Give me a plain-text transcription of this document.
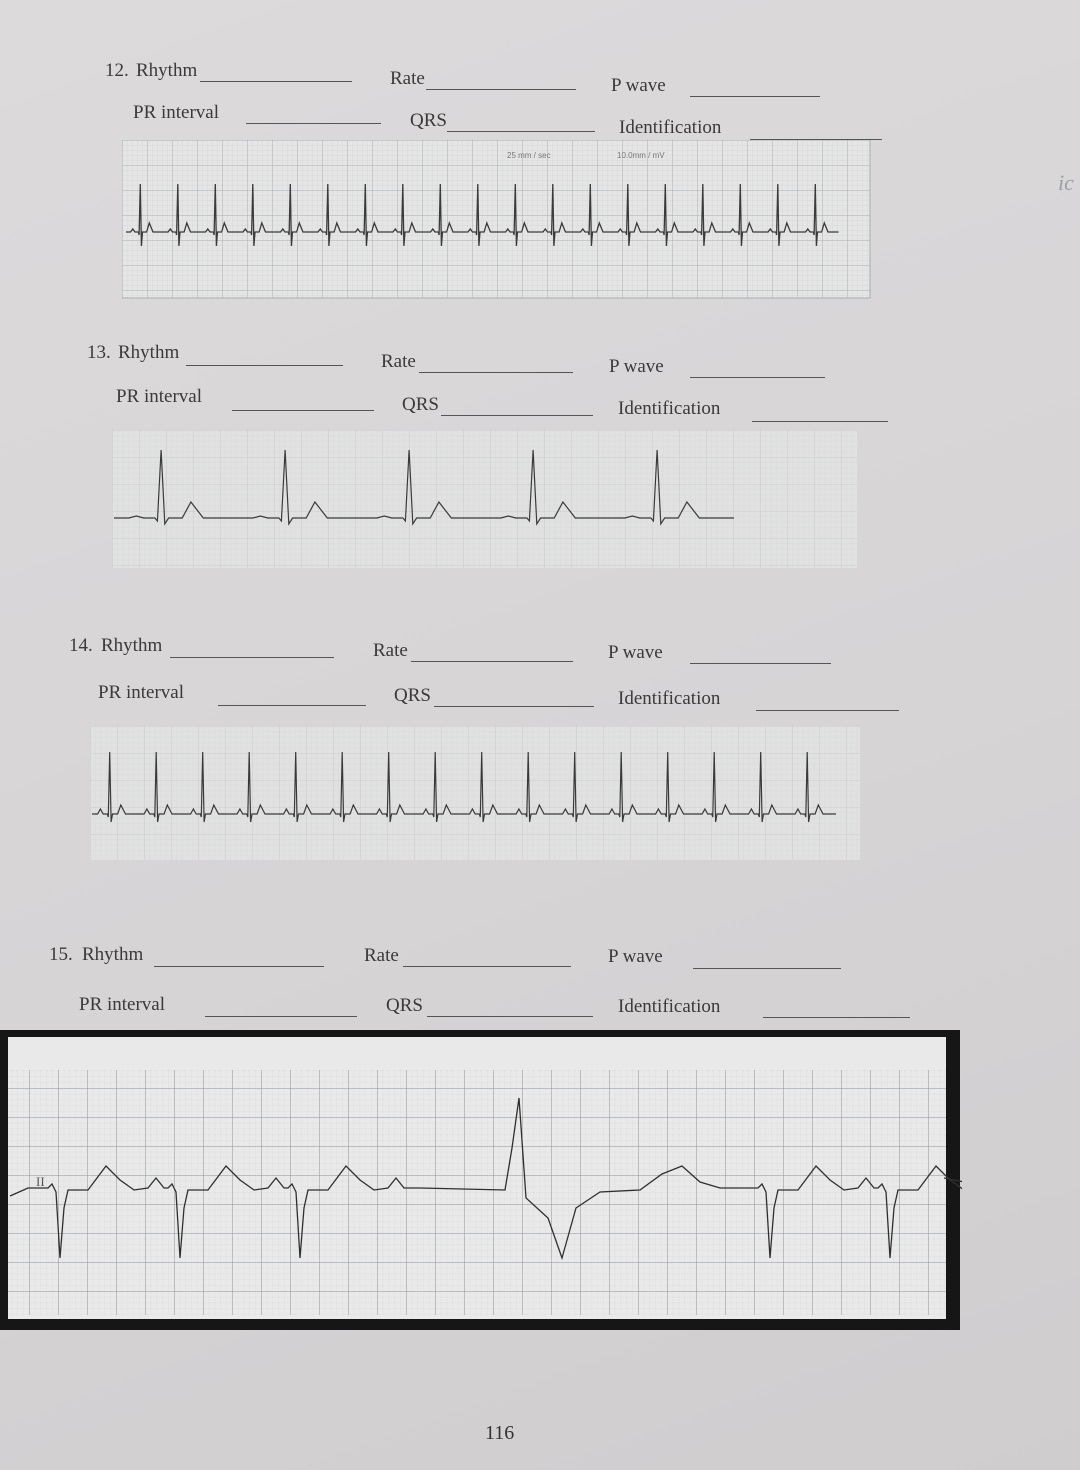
12. Rhythm	Rate	P wave
PR interval	QRS	Identification
25 mm / sec	10.0mm / mV
13. Rhythm	Rate	P wave
PR interval	QRS	Identification
14. Rhythm	Rate	P wave
PR interval	QRS	Identification
15. Rhythm	Rate	P wave
PR interval	QRS	Identification
II
116
ic
